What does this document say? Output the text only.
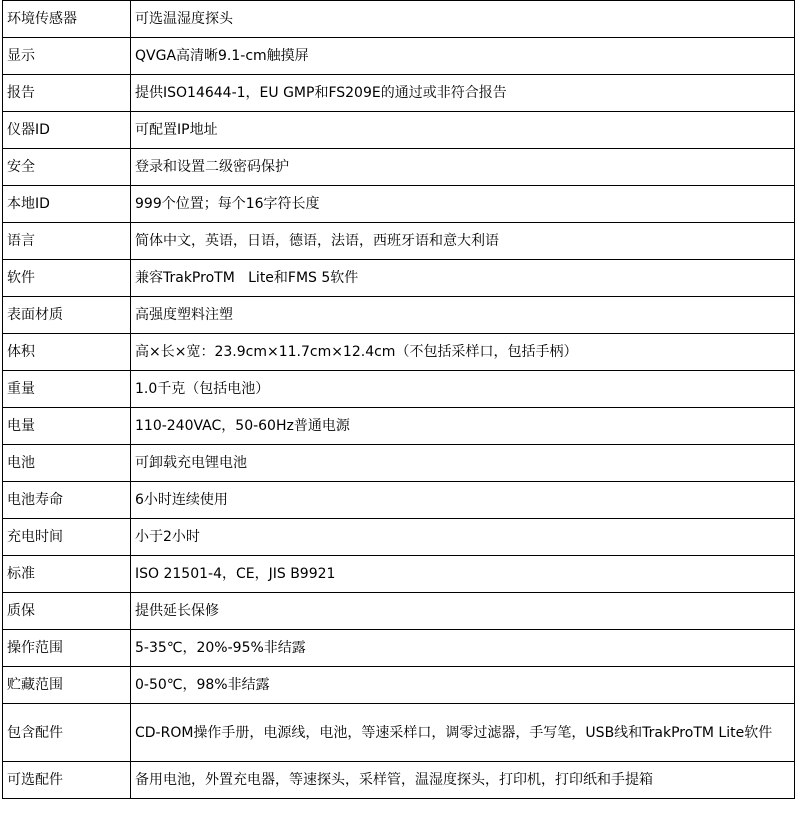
环境传感器	可选温湿度探头
显示	QVGA高清晰9.1-cm触摸屏
报告	提供ISO14644-1，EU GMP和FS209E的通过或非符合报告
仪器ID	可配置IP地址
安全	登录和设置二级密码保护
本地ID	999个位置；每个16字符长度
语言	简体中文，英语，日语，德语，法语，西班牙语和意大利语
软件	兼容TrakProTM   Lite和FMS 5软件
表面材质	高强度塑料注塑
体积	高×长×宽：23.9cm×11.7cm×12.4cm（不包括采样口，包括手柄）
重量	1.0千克（包括电池）
电量	110-240VAC，50-60Hz普通电源
电池	可卸载充电锂电池
电池寿命	6小时连续使用
充电时间	小于2小时
标准	ISO 21501-4，CE，JIS B9921
质保	提供延长保修
操作范围	5-35℃，20%-95%非结露
贮藏范围	0-50℃，98%非结露
包含配件	CD-ROM操作手册，电源线，电池，等速采样口，调零过滤器，手写笔，USB线和TrakProTM Lite软件
可选配件	备用电池，外置充电器，等速探头，采样管，温湿度探头，打印机，打印纸和手提箱
